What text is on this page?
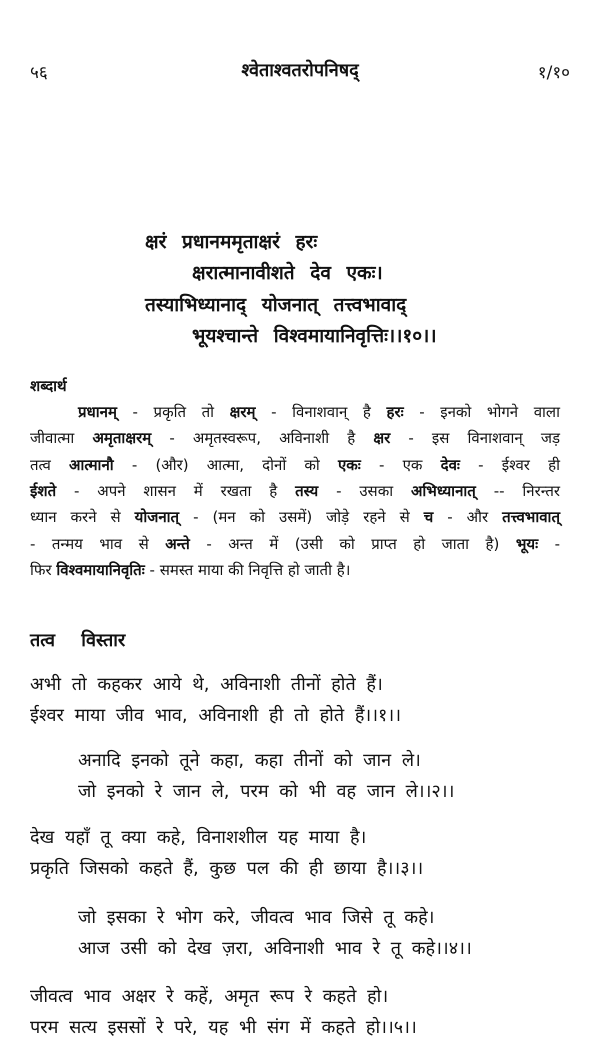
५६	श्वेताश्वतरोपनिषद्	१/१०
क्षरं प्रधानममृताक्षरं हरः
क्षरात्मानावीशते देव एकः।
तस्याभिध्यानाद् योजनात् तत्त्वभावाद्
भूयश्चान्ते विश्वमायानिवृत्तिः।।१०।।
शब्दार्थ
प्रधानम् - प्रकृति तो क्षरम् - विनाशवान् है हरः - इनको भोगने वाला
जीवात्मा अमृताक्षरम् - अमृतस्वरूप, अविनाशी है क्षर - इस विनाशवान् जड़
तत्व आत्मानौ - (और) आत्मा, दोनों को एकः - एक देवः - ईश्वर ही
ईशते - अपने शासन में रखता है तस्य - उसका अभिध्यानात् -- निरन्तर
ध्यान करने से योजनात् - (मन को उसमें) जोड़े रहने से च - और तत्त्वभावात्
- तन्मय भाव से अन्ते - अन्त में (उसी को प्राप्त हो जाता है) भूयः -
फिर विश्वमायानिवृतिः - समस्त माया की निवृत्ति हो जाती है।
तत्व विस्तार
अभी तो कहकर आये थे, अविनाशी तीनों होते हैं।
ईश्वर माया जीव भाव, अविनाशी ही तो होते हैं।।१।।
अनादि इनको तूने कहा, कहा तीनों को जान ले।
जो इनको रे जान ले, परम को भी वह जान ले।।२।।
देख यहाँ तू क्या कहे, विनाशशील यह माया है।
प्रकृति जिसको कहते हैं, कुछ पल की ही छाया है।।३।।
जो इसका रे भोग करे, जीवत्व भाव जिसे तू कहे।
आज उसी को देख ज़रा, अविनाशी भाव रे तू कहे।।४।।
जीवत्व भाव अक्षर रे कहें, अमृत रूप रे कहते हो।
परम सत्य इससों रे परे, यह भी संग में कहते हो।।५।।
